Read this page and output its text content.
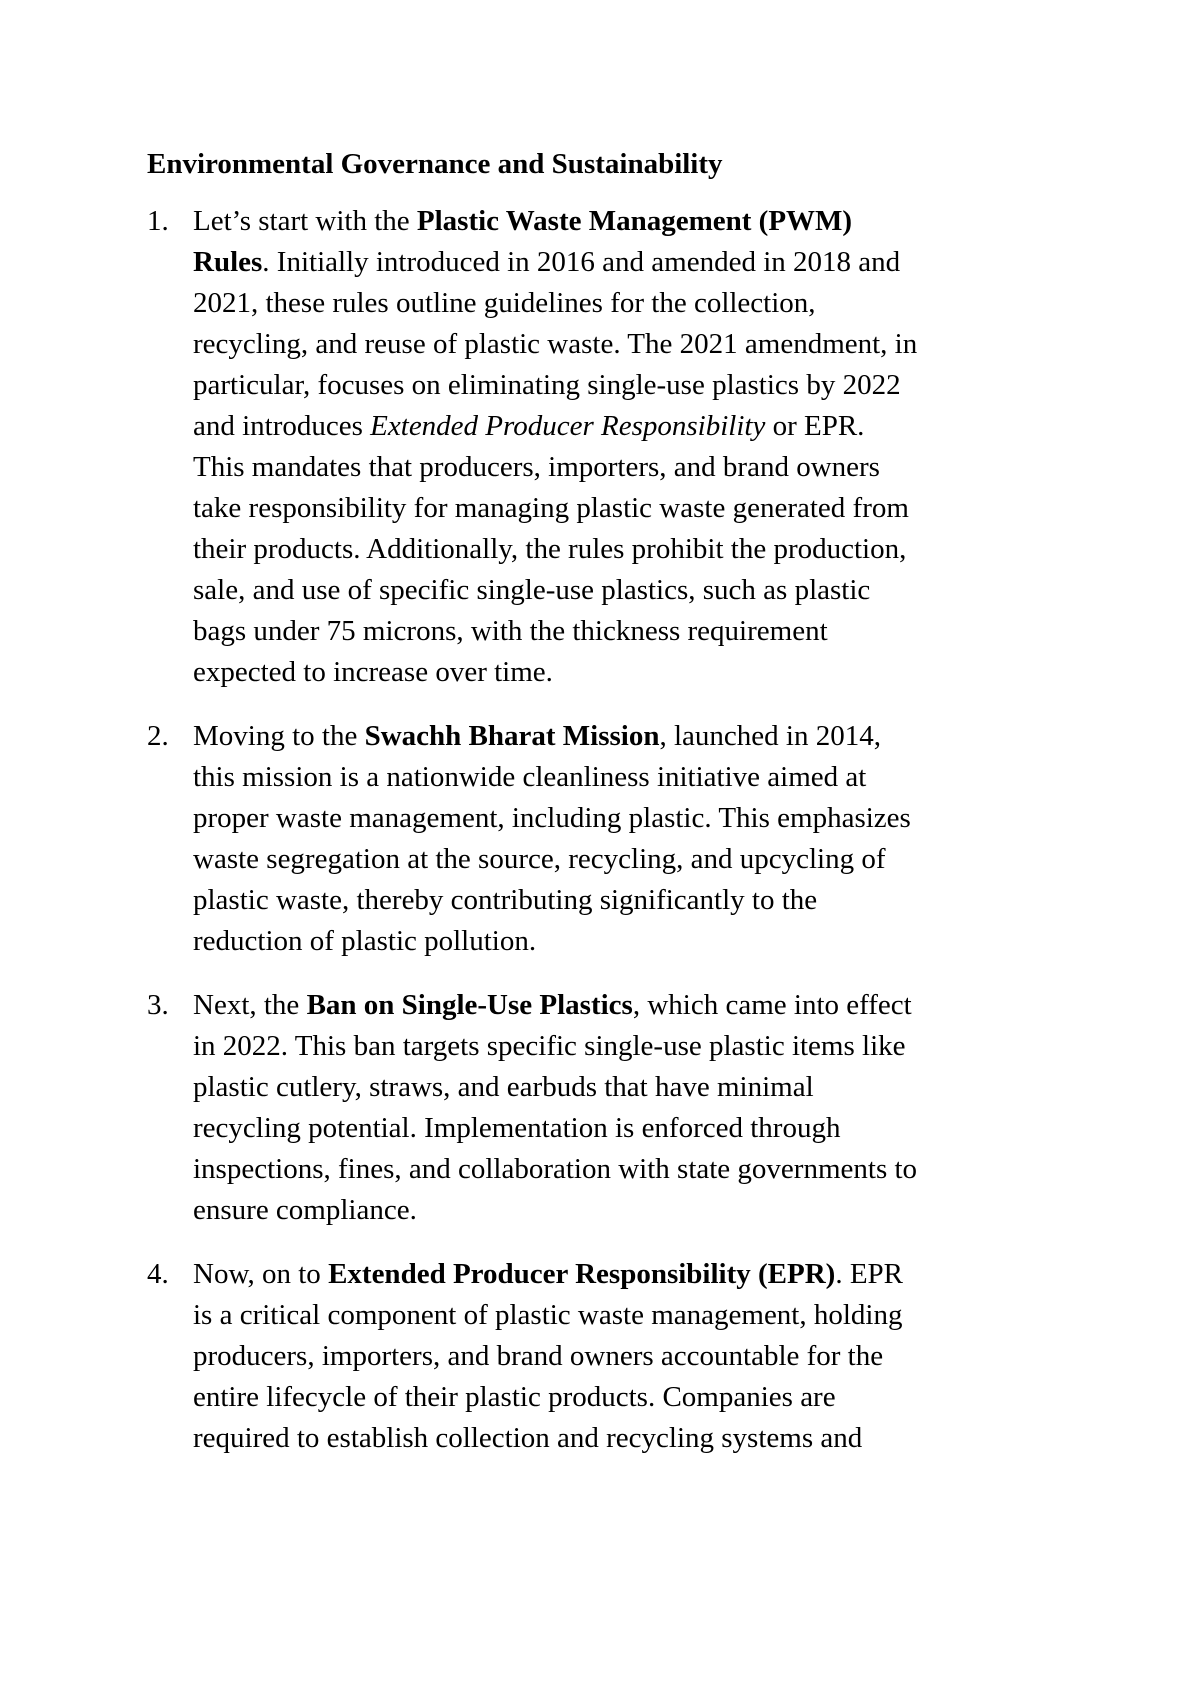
Environmental Governance and Sustainability
1. Let’s start with the Plastic Waste Management (PWM)
Rules. Initially introduced in 2016 and amended in 2018 and
2021, these rules outline guidelines for the collection,
recycling, and reuse of plastic waste. The 2021 amendment, in
particular, focuses on eliminating single-use plastics by 2022
and introduces Extended Producer Responsibility or EPR.
This mandates that producers, importers, and brand owners
take responsibility for managing plastic waste generated from
their products. Additionally, the rules prohibit the production,
sale, and use of specific single-use plastics, such as plastic
bags under 75 microns, with the thickness requirement
expected to increase over time.
2. Moving to the Swachh Bharat Mission, launched in 2014,
this mission is a nationwide cleanliness initiative aimed at
proper waste management, including plastic. This emphasizes
waste segregation at the source, recycling, and upcycling of
plastic waste, thereby contributing significantly to the
reduction of plastic pollution.
3. Next, the Ban on Single-Use Plastics, which came into effect
in 2022. This ban targets specific single-use plastic items like
plastic cutlery, straws, and earbuds that have minimal
recycling potential. Implementation is enforced through
inspections, fines, and collaboration with state governments to
ensure compliance.
4. Now, on to Extended Producer Responsibility (EPR). EPR
is a critical component of plastic waste management, holding
producers, importers, and brand owners accountable for the
entire lifecycle of their plastic products. Companies are
required to establish collection and recycling systems and
